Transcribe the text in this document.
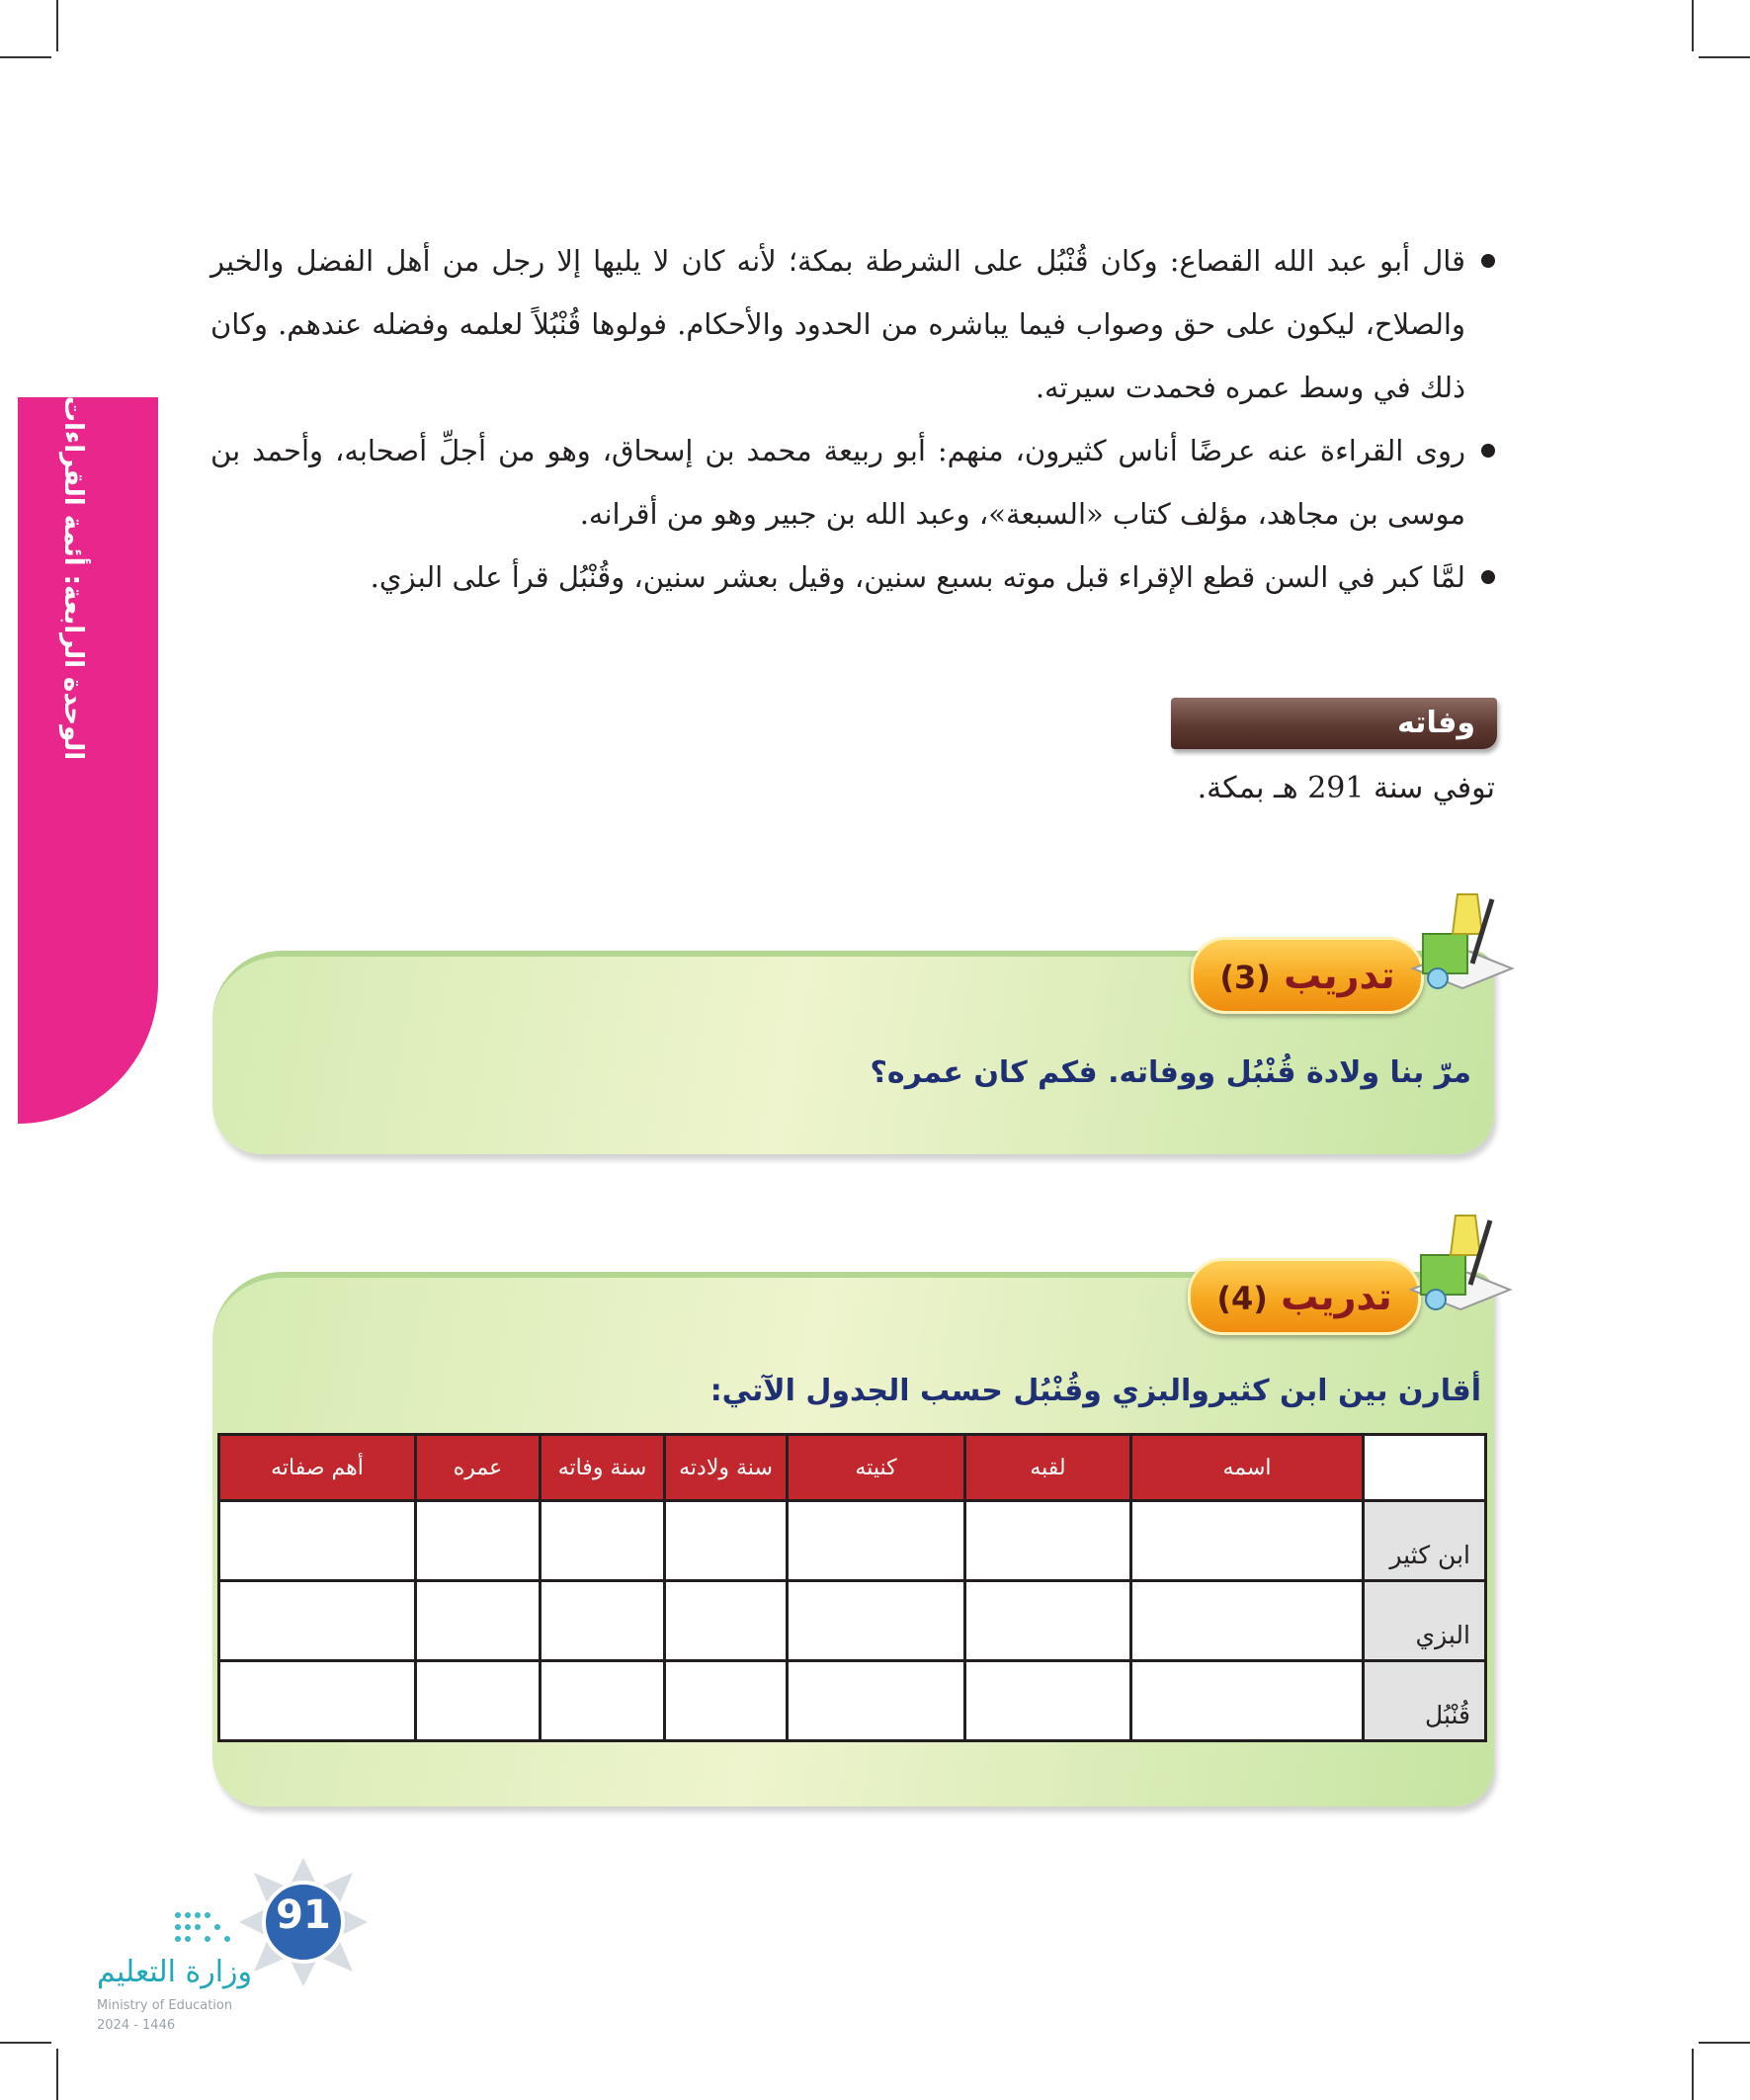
الوحدة الرابعة: أئمة القراءات
قال أبو عبد الله القصاع: وكان قُنْبُل على الشرطة بمكة؛ لأنه كان لا يليها إلا رجل من أهل الفضل والخير والصلاح، ليكون على حق وصواب فيما يباشره من الحدود والأحكام. فولوها قُنْبُلاً لعلمه وفضله عندهم. وكان ذلك في وسط عمره فحمدت سيرته.
روى القراءة عنه عرضًا أناس كثيرون، منهم: أبو ربيعة محمد بن إسحاق، وهو من أجلِّ أصحابه، وأحمد بن موسى بن مجاهد، مؤلف كتاب «السبعة»، وعبد الله بن جبير وهو من أقرانه.
لمَّا كبر في السن قطع الإقراء قبل موته بسبع سنين، وقيل بعشر سنين، وقُنْبُل قرأ على البزي.
وفاته
توفي سنة 291 هـ بمكة.
تدريب (3)
مرّ بنا ولادة قُنْبُل ووفاته. فكم كان عمره؟
تدريب (4)
أقارن بين ابن كثيروالبزي وقُنْبُل حسب الجدول الآتي:
	اسمه	لقبه	كنيته	سنة ولادته	سنة وفاته	عمره	أهم صفاته
ابن كثير							
البزي							
قُنْبُل							
91
وزارة التعليم
Ministry of Education
2024 - 1446
